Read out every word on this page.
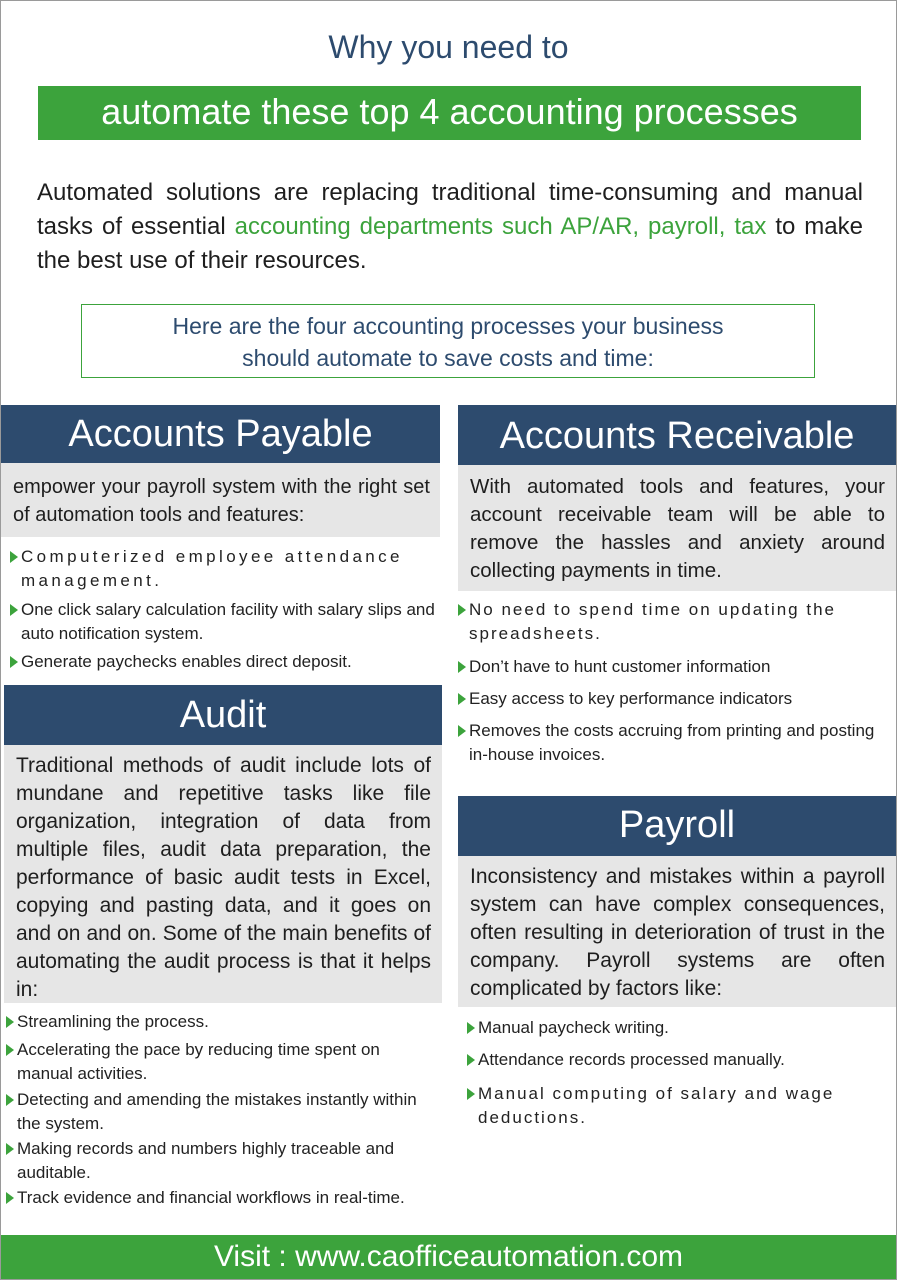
Why you need to
automate these top 4 accounting processes
Automated solutions are replacing traditional time-consuming and manual tasks of essential accounting departments such AP/AR, payroll, tax to make the best use of their resources.
Here are the four accounting processes your business
should automate to save costs and time:
Accounts Payable
empower your payroll system with the right set of automation tools and features:
Computerized employee attendance management.
One click salary calculation facility with salary slips and auto notification system.
Generate paychecks enables direct deposit.
Audit
Traditional methods of audit include lots of mundane and repetitive tasks like file organization, integration of data from multiple files, audit data preparation, the performance of basic audit tests in Excel, copying and pasting data, and it goes on and on and on. Some of the main benefits of automating the audit process is that it helps in:
Streamlining the process.
Accelerating the pace by reducing time spent on manual activities.
Detecting and amending the mistakes instantly within the system.
Making records and numbers highly traceable and auditable.
Track evidence and financial workflows in real-time.
Accounts Receivable
With automated tools and features, your account receivable team will be able to remove the hassles and anxiety around collecting payments in time.
No need to spend time on updating the spreadsheets.
Don’t have to hunt customer information
Easy access to key performance indicators
Removes the costs accruing from printing and posting in-house invoices.
Payroll
Inconsistency and mistakes within a payroll system can have complex consequences, often resulting in deterioration of trust in the company. Payroll systems are often complicated by factors like:
Manual paycheck writing.
Attendance records processed manually.
Manual computing of salary and wage deductions.
Visit : www.caofficeautomation.com
